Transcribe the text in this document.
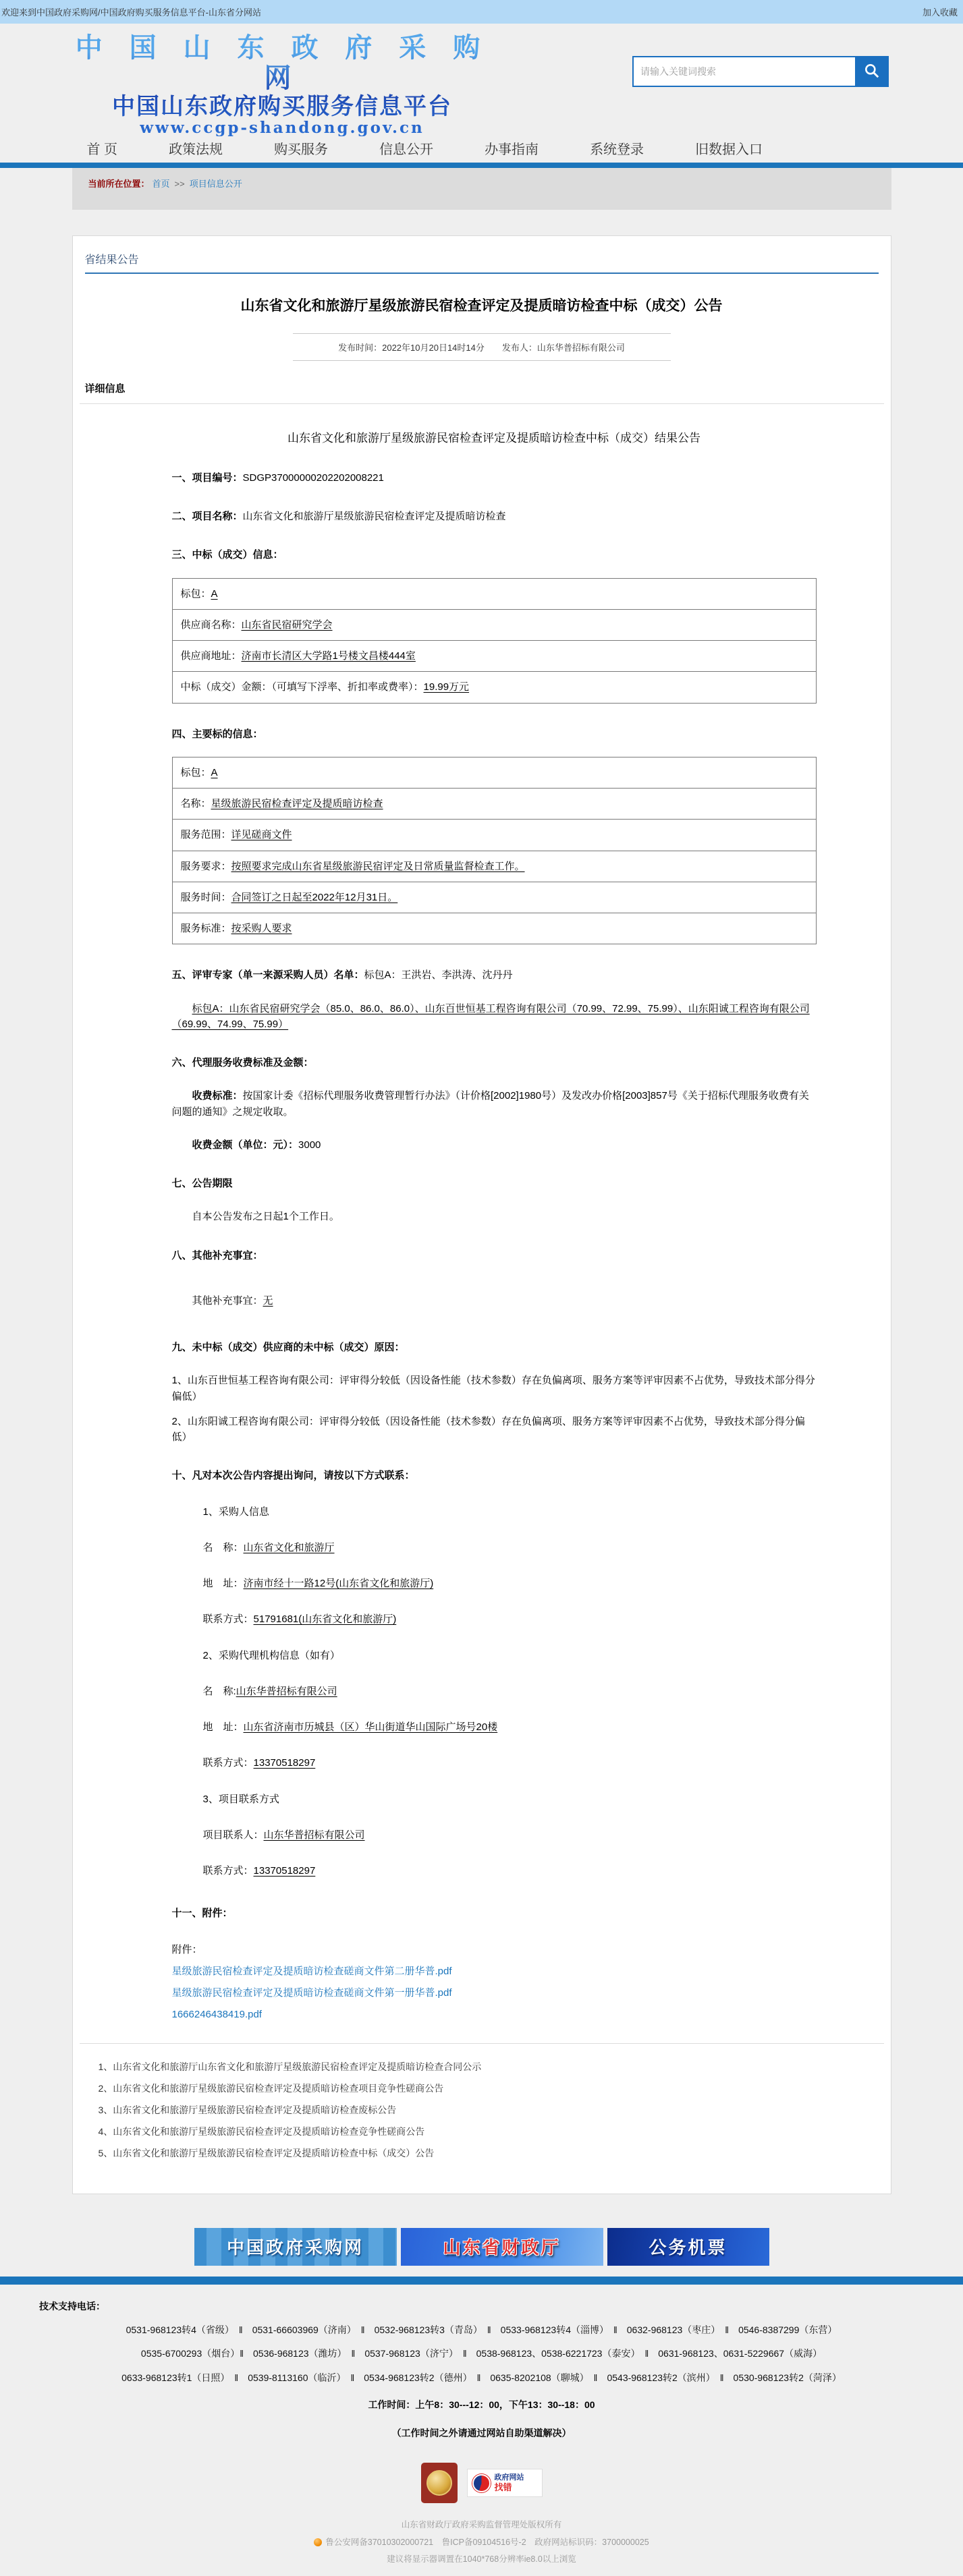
欢迎来到中国政府采购网/中国政府购买服务信息平台-山东省分网站	加入收藏
中 国 山 东 政 府 采 购 网
中国山东政府购买服务信息平台
www.ccgp-shandong.gov.cn
请输入关键词搜索
首 页	政策法规	购买服务	信息公开	办事指南	系统登录	旧数据入口
当前所在位置： 首页 >> 项目信息公开
省结果公告
山东省文化和旅游厅星级旅游民宿检查评定及提质暗访检查中标（成交）公告
发布时间：2022年10月20日14时14分 发布人：山东华普招标有限公司
详细信息
山东省文化和旅游厅星级旅游民宿检查评定及提质暗访检查中标（成交）结果公告
一、项目编号：SDGP37000000202202008221
二、项目名称：山东省文化和旅游厅星级旅游民宿检查评定及提质暗访检查
三、中标（成交）信息：
标包：A
供应商名称：山东省民宿研究学会
供应商地址：济南市长清区大学路1号楼文昌楼444室
中标（成交）金额：（可填写下浮率、折扣率或费率）：19.99万元
四、主要标的信息：
标包：A
名称：星级旅游民宿检查评定及提质暗访检查
服务范围：详见磋商文件
服务要求：按照要求完成山东省星级旅游民宿评定及日常质量监督检查工作。
服务时间：合同签订之日起至2022年12月31日。
服务标准：按采购人要求
五、评审专家（单一来源采购人员）名单：标包A：王洪岩、李洪涛、沈丹丹
标包A：山东省民宿研究学会（85.0、86.0、86.0）、山东百世恒基工程咨询有限公司（70.99、72.99、75.99）、山东阳诚工程咨询有限公司（69.99、74.99、75.99）
六、代理服务收费标准及金额：
收费标准：按国家计委《招标代理服务收费管理暂行办法》（计价格[2002]1980号）及发改办价格[2003]857号《关于招标代理服务收费有关问题的通知》之规定收取。
收费金额（单位：元）：3000
七、公告期限
自本公告发布之日起1个工作日。
八、其他补充事宜：
其他补充事宜：无
九、未中标（成交）供应商的未中标（成交）原因：
1、山东百世恒基工程咨询有限公司：评审得分较低（因设备性能（技术参数）存在负偏离项、服务方案等评审因素不占优势，导致技术部分得分偏低）
2、山东阳诚工程咨询有限公司：评审得分较低（因设备性能（技术参数）存在负偏离项、服务方案等评审因素不占优势，导致技术部分得分偏低）
十、凡对本次公告内容提出询问，请按以下方式联系：
1、采购人信息
名　称：山东省文化和旅游厅
地　址：济南市经十一路12号(山东省文化和旅游厅)
联系方式：51791681(山东省文化和旅游厅)
2、采购代理机构信息（如有）
名　称:山东华普招标有限公司
地　址：山东省济南市历城县（区）华山街道华山国际广场号20楼
联系方式：13370518297
3、项目联系方式
项目联系人：山东华普招标有限公司
联系方式：13370518297
十一、附件：
附件：
星级旅游民宿检查评定及提质暗访检查磋商文件第二册华普.pdf
星级旅游民宿检查评定及提质暗访检查磋商文件第一册华普.pdf
1666246438419.pdf
1、山东省文化和旅游厅山东省文化和旅游厅星级旅游民宿检查评定及提质暗访检查合同公示
2、山东省文化和旅游厅星级旅游民宿检查评定及提质暗访检查项目竞争性磋商公告
3、山东省文化和旅游厅星级旅游民宿检查评定及提质暗访检查废标公告
4、山东省文化和旅游厅星级旅游民宿检查评定及提质暗访检查竞争性磋商公告
5、山东省文化和旅游厅星级旅游民宿检查评定及提质暗访检查中标（成交）公告
中国政府采购网	山东省财政厅	公务机票
技术支持电话：
0531-968123转4（省级）　‖　0531-66603969（济南）　‖　0532-968123转3（青岛）　‖　0533-968123转4（淄博）　‖　0632-968123（枣庄）　‖　0546-8387299（东营）
0535-6700293（烟台）‖　0536-968123（潍坊）　‖　0537-968123（济宁）　‖　0538-968123、0538-6221723（泰安）　‖　0631-968123、0631-5229667（威海）
0633-968123转1（日照）　‖　0539-8113160（临沂）　‖　0534-968123转2（德州）　‖　0635-8202108（聊城）　‖　0543-968123转2（滨州）　‖　0530-968123转2（菏泽）
工作时间：上午8：30---12：00，下午13：30--18：00
（工作时间之外请通过网站自助渠道解决）
政府网站
找错
山东省财政厅政府采购监督管理处版权所有
鲁公安网备37010302000721　鲁ICP备09104516号-2　政府网站标识码：3700000025
建议将显示器调置在1040*768分辨率ie8.0以上浏览
